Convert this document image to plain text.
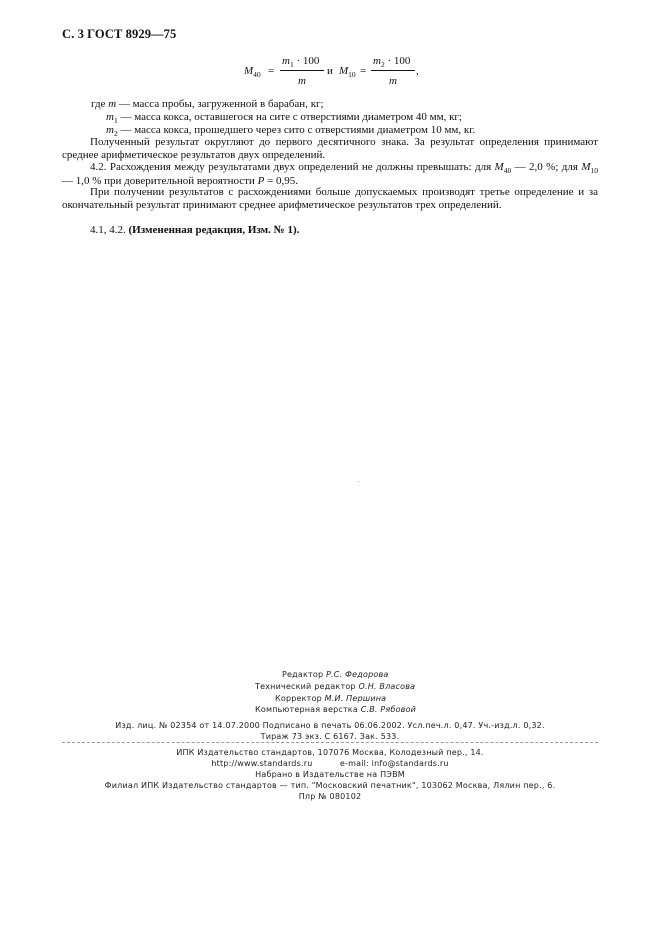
С. 3 ГОСТ 8929—75
$M_{40}$ =
$m_1 \cdot 100$
m
и $M_{10}$ =
$m_2 \cdot 100$
m
,
где m — масса пробы, загруженной в барабан, кг;
$m_1$ — масса кокса, оставшегося на сите с отверстиями диаметром 40 мм, кг;
$m_2$ — масса кокса, прошедшего через сито с отверстиями диаметром 10 мм, кг.

Полученный результат округляют до первого десятичного знака. За результат определения принимают среднее арифметическое результатов двух определений.

4.2. Расхождения между результатами двух определений не должны превышать: для $M_{40}$ — 2,0 %; для $M_{10}$ — 1,0 % при доверительной вероятности P = 0,95.

При получении результатов с расхождениями больше допускаемых производят третье определение и за окончательный результат принимают среднее арифметическое результатов трех определений.

4.1, 4.2. (Измененная редакция, Изм. № 1).

Редактор Р.С. Федорова
Технический редактор О.Н. Власова
Корректор М.И. Першина
Компьютерная верстка С.В. Рябовой
Изд. лиц. № 02354 от 14.07.2000 Подписано в печать 06.06.2002. Усл.печ.л. 0,47. Уч.-изд.л. 0,32.
Тираж 73 экз. С 6167. Зак. 533.
ИПК Издательство стандартов, 107076 Москва, Колодезный пер., 14.
http://www.standards.ru          e-mail: info@standards.ru
Набрано в Издательстве на ПЭВМ
Филиал ИПК Издательство стандартов — тип. "Московский печатник", 103062 Москва, Лялин пер., 6.
Плр № 080102
